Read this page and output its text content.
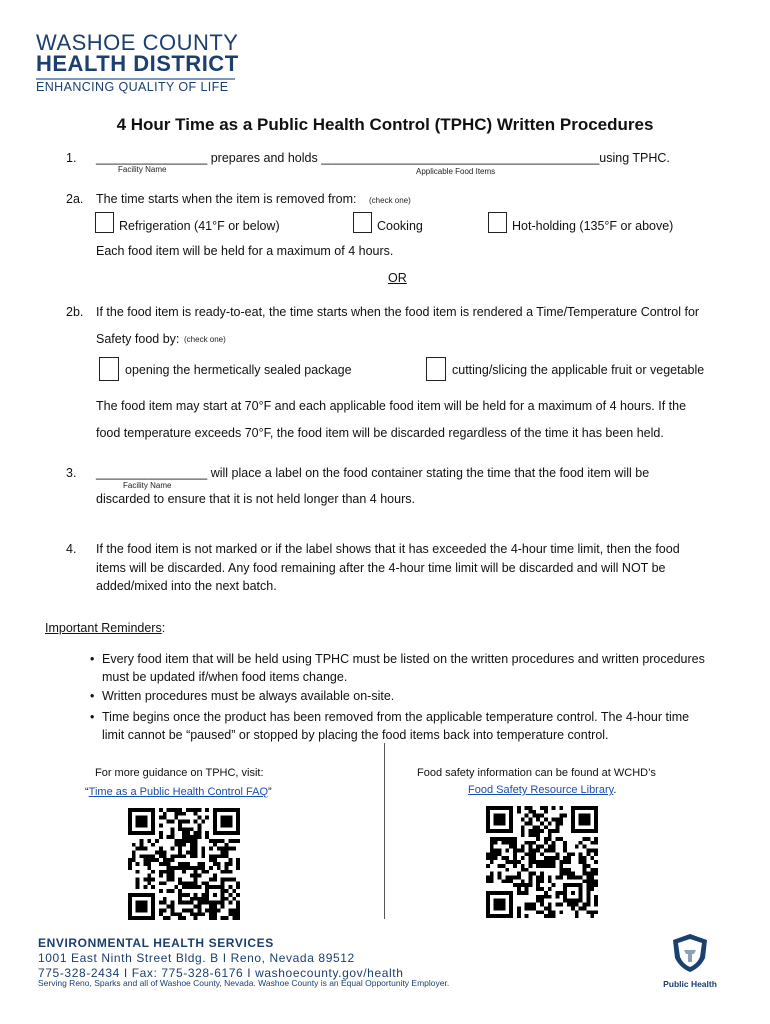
WASHOE COUNTY
HEALTH DISTRICT
ENHANCING QUALITY OF LIFE
4 Hour Time as a Public Health Control (TPHC) Written Procedures
1. ________________ prepares and holds ________________________________________using TPHC.
Facility Name	Applicable Food Items
2a. The time starts when the item is removed from: (check one)
Refrigeration (41°F or below)	Cooking	Hot-holding (135°F or above)
Each food item will be held for a maximum of 4 hours.
OR
2b. If the food item is ready-to-eat, the time starts when the food item is rendered a Time/Temperature Control for
Safety food by: (check one)
opening the hermetically sealed package	cutting/slicing the applicable fruit or vegetable
The food item may start at 70°F and each applicable food item will be held for a maximum of 4 hours. If the
food temperature exceeds 70°F, the food item will be discarded regardless of the time it has been held.
3. ________________ will place a label on the food container stating the time that the food item will be
Facility Name
discarded to ensure that it is not held longer than 4 hours.
4. If the food item is not marked or if the label shows that it has exceeded the 4-hour time limit, then the food
items will be discarded. Any food remaining after the 4-hour time limit will be discarded and will NOT be
added/mixed into the next batch.
Important Reminders:
• Every food item that will be held using TPHC must be listed on the written procedures and written procedures
must be updated if/when food items change.
• Written procedures must be always available on-site.
• Time begins once the product has been removed from the applicable temperature control. The 4-hour time
limit cannot be “paused” or stopped by placing the food items back into temperature control.
For more guidance on TPHC, visit:
“Time as a Public Health Control FAQ”
Food safety information can be found at WCHD’s
Food Safety Resource Library.
ENVIRONMENTAL HEALTH SERVICES
1001 East Ninth Street Bldg. B I Reno, Nevada 89512
775-328-2434 I Fax: 775-328-6176 I washoecounty.gov/health
Serving Reno, Sparks and all of Washoe County, Nevada. Washoe County is an Equal Opportunity Employer.	Public Health
